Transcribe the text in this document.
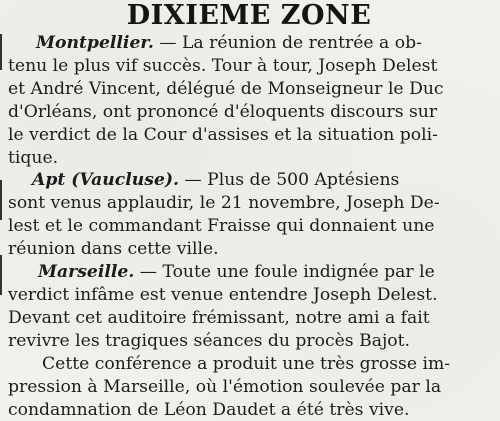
DIXIEME ZONE
Montpellier. — La réunion de rentrée a ob-
tenu le plus vif succès. Tour à tour, Joseph Delest
et André Vincent, délégué de Monseigneur le Duc
d'Orléans, ont prononcé d'éloquents discours sur
le verdict de la Cour d'assises et la situation poli-
tique.
Apt (Vaucluse). — Plus de 500 Aptésiens
sont venus applaudir, le 21 novembre, Joseph De-
lest et le commandant Fraisse qui donnaient une
réunion dans cette ville.
Marseille. — Toute une foule indignée par le
verdict infâme est venue entendre Joseph Delest.
Devant cet auditoire frémissant, notre ami a fait
revivre les tragiques séances du procès Bajot.
Cette conférence a produit une très grosse im-
pression à Marseille, où l'émotion soulevée par la
condamnation de Léon Daudet a été très vive.
